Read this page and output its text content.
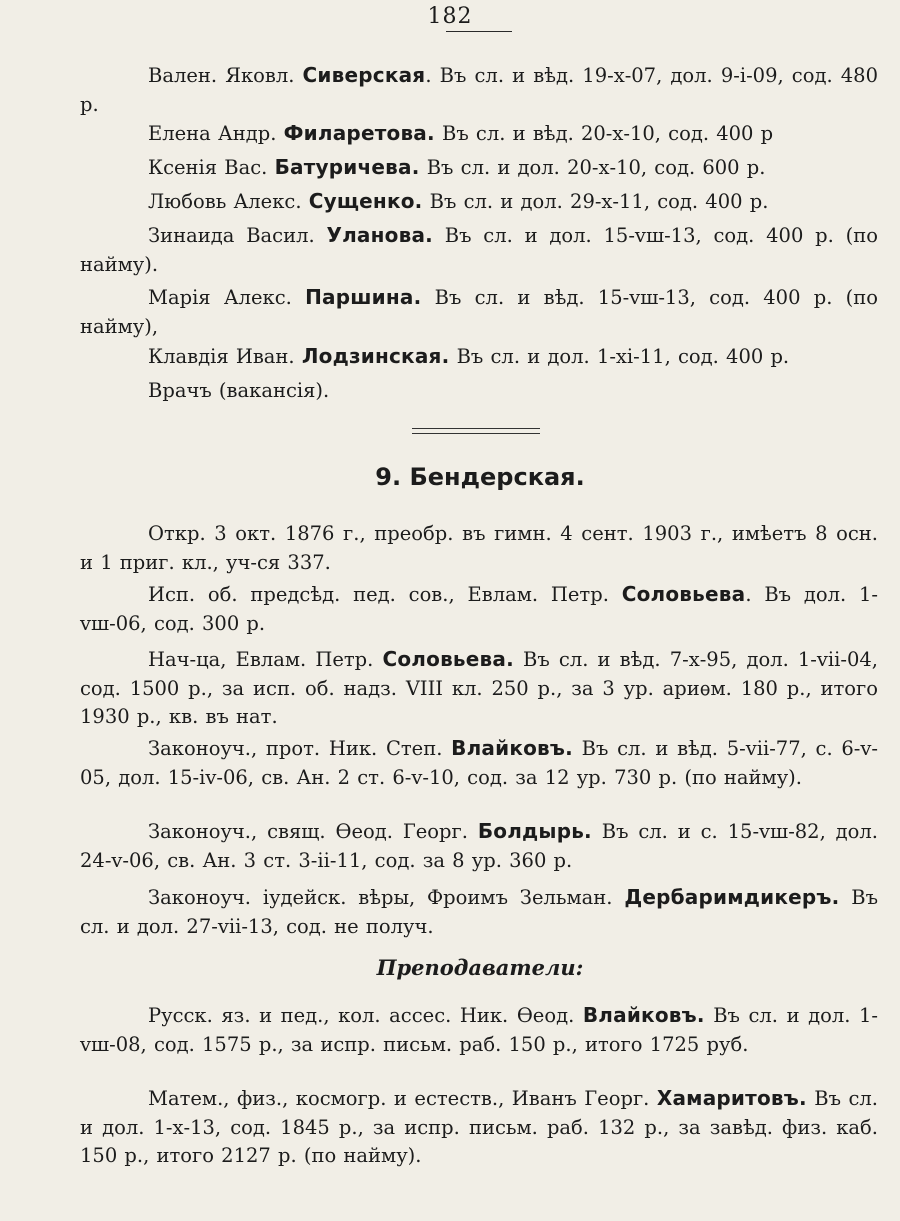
182

Вален. Яковл. Сиверская. Въ сл. и вѣд. 19-х-07, дол. 9-і-09, сод. 480 р.

Елена Андр. Филаретова. Въ сл. и вѣд. 20-х-10, сод. 400 р

Ксенія Вас. Батуричева. Въ сл. и дол. 20-х-10, сод. 600 р.

Любовь Алекс. Сущенко. Въ сл. и дол. 29-х-11, сод. 400 р.

Зинаида Васил. Уланова. Въ сл. и дол. 15-vш-13, сод. 400 р. (по найму).

Марія Алекс. Паршина. Въ сл. и вѣд. 15-vш-13, сод. 400 р. (по найму),

Клавдія Иван. Лодзинская. Въ сл. и дол. 1-хі-11, сод. 400 р.

Врачъ (вакансія).

9. Бендерская.

Откр. 3 окт. 1876 г., преобр. въ гимн. 4 сент. 1903 г., имѣетъ 8 осн. и 1 приг. кл., уч-ся 337.

Исп. об. предсѣд. пед. сов., Евлам. Петр. Соловьева. Въ дол. 1-vш-06, сод. 300 р.

Нач-ца, Евлам. Петр. Соловьева. Въ сл. и вѣд. 7-х-95, дол. 1-vіі-04, сод. 1500 р., за исп. об. надз. VIII кл. 250 р., за 3 ур. ариѳм. 180 р., итого 1930 р., кв. въ нат.

Законоуч., прот. Ник. Степ. Влайковъ. Въ сл. и вѣд. 5-vіі-77, с. 6-v-05, дол. 15-іv-06, св. Ан. 2 ст. 6-v-10, сод. за 12 ур. 730 р. (по найму).

Законоуч., свящ. Ѳеод. Георг. Болдырь. Въ сл. и с. 15-vш-82, дол. 24-v-06, св. Ан. 3 ст. 3-іі-11, сод. за 8 ур. 360 р.

Законоуч. іудейск. вѣры, Фроимъ Зельман. Дербаримдикеръ. Въ сл. и дол. 27-vіі-13, сод. не получ.

Преподаватели:

Русск. яз. и пед., кол. ассес. Ник. Ѳеод. Влайковъ. Въ сл. и дол. 1-vш-08, сод. 1575 р., за испр. письм. раб. 150 р., итого 1725 руб.

Матем., физ., космогр. и естеств., Иванъ Георг. Хамаритовъ. Въ сл. и дол. 1-х-13, сод. 1845 р., за испр. письм. раб. 132 р., за завѣд. физ. каб. 150 р., итого 2127 р. (по найму).
